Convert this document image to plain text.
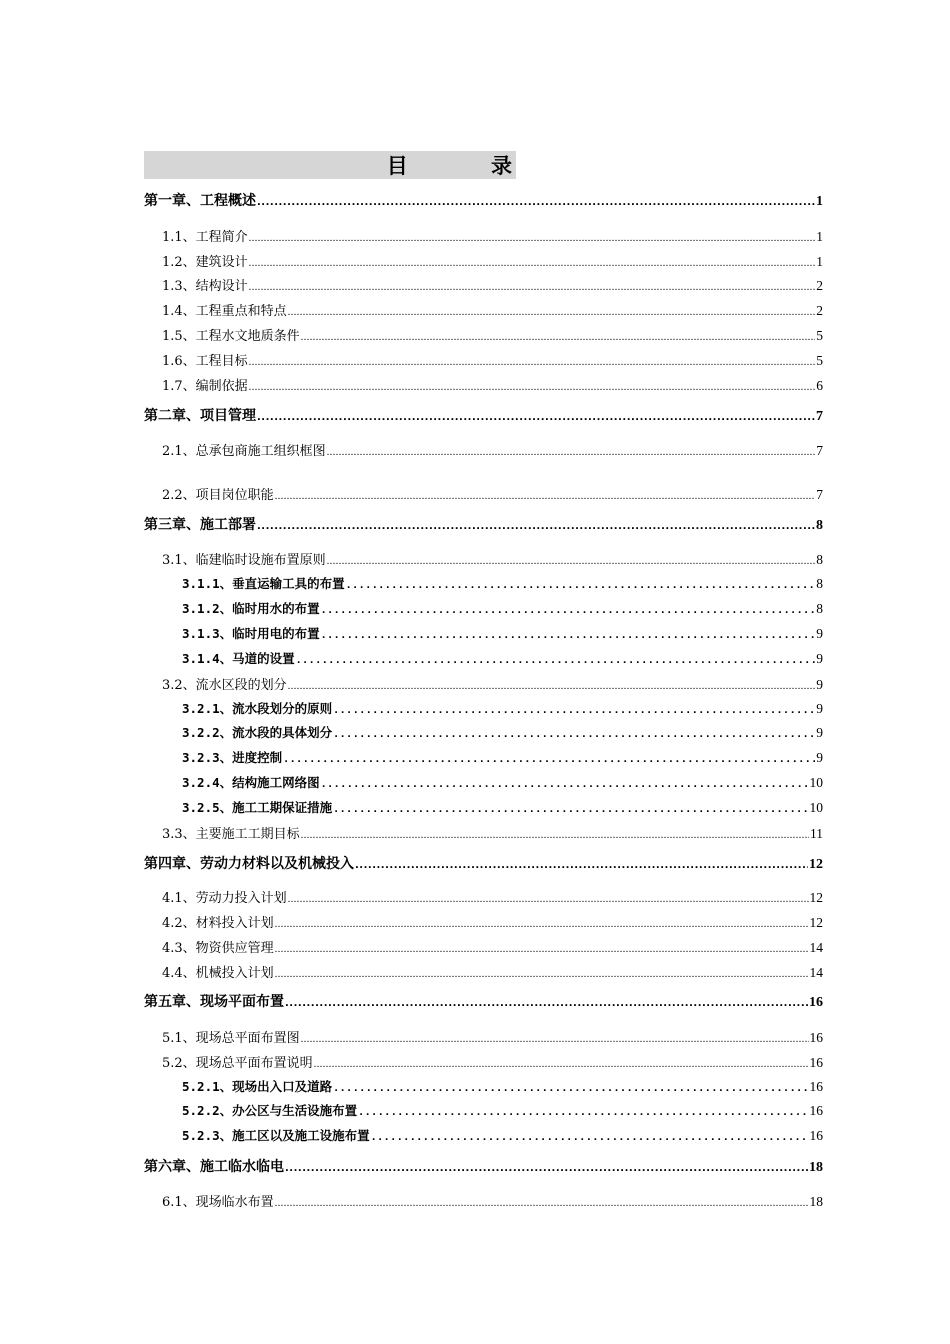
目 录
第一章、工程概述 .....	1
1.1、工程简介 .....	1
1.2、建筑设计 .....	1
1.3、结构设计 .....	2
1.4、工程重点和特点 .....	2
1.5、工程水文地质条件 .....	5
1.6、工程目标 .....	5
1.7、编制依据 .....	6
第二章、项目管理 .....	7
2.1、总承包商施工组织框图 .....	7
2.2、项目岗位职能 .....	7
第三章、施工部署 .....	8
3.1、临建临时设施布置原则 .....	8
3.1.1、垂直运输工具的布置 .....	8
3.1.2、临时用水的布置 .....	8
3.1.3、临时用电的布置 .....	9
3.1.4、马道的设置 .....	9
3.2、流水区段的划分 .....	9
3.2.1、流水段划分的原则 .....	9
3.2.2、流水段的具体划分 .....	9
3.2.3、进度控制 .....	9
3.2.4、结构施工网络图 .....	10
3.2.5、施工工期保证措施 .....	10
3.3、主要施工工期目标 .....	11
第四章、劳动力材料以及机械投入 .....	12
4.1、劳动力投入计划 .....	12
4.2、材料投入计划 .....	12
4.3、物资供应管理 .....	14
4.4、机械投入计划 .....	14
第五章、现场平面布置 .....	16
5.1、现场总平面布置图 .....	16
5.2、现场总平面布置说明 .....	16
5.2.1、现场出入口及道路 .....	16
5.2.2、办公区与生活设施布置 .....	16
5.2.3、施工区以及施工设施布置 .....	16
第六章、施工临水临电 .....	18
6.1、现场临水布置 .....	18
